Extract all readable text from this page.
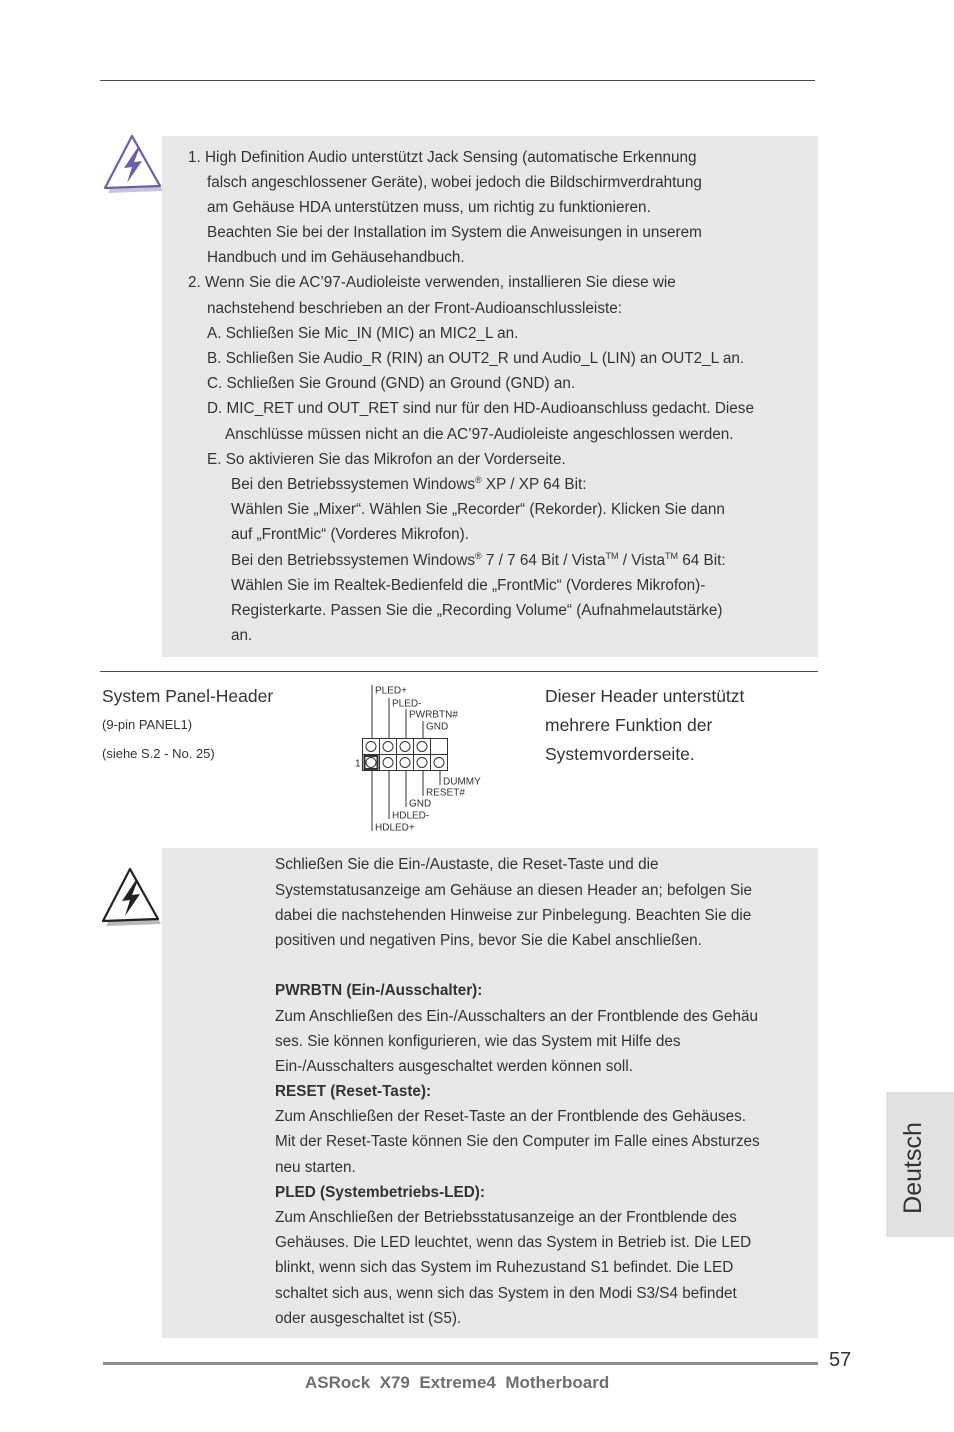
1. High Definition Audio unterstützt Jack Sensing (automatische Erkennung
falsch angeschlossener Geräte), wobei jedoch die Bildschirmverdrahtung
am Gehäuse HDA unterstützen muss, um richtig zu funktionieren.
Beachten Sie bei der Installation im System die Anweisungen in unserem
Handbuch und im Gehäusehandbuch.
2. Wenn Sie die AC’97-Audioleiste verwenden, installieren Sie diese wie
nachstehend beschrieben an der Front-Audioanschlussleiste:
A. Schließen Sie Mic_IN (MIC) an MIC2_L an.
B. Schließen Sie Audio_R (RIN) an OUT2_R und Audio_L (LIN) an OUT2_L an.
C. Schließen Sie Ground (GND) an Ground (GND) an.
D. MIC_RET und OUT_RET sind nur für den HD-Audioanschluss gedacht. Diese
Anschlüsse müssen nicht an die AC’97-Audioleiste angeschlossen werden.
E. So aktivieren Sie das Mikrofon an der Vorderseite.
Bei den Betriebssystemen Windows® XP / XP 64 Bit:
Wählen Sie „Mixer“. Wählen Sie „Recorder“ (Rekorder). Klicken Sie dann
auf „FrontMic“ (Vorderes Mikrofon).
Bei den Betriebssystemen Windows® 7 / 7 64 Bit / Vista™ / Vista™ 64 Bit:
Wählen Sie im Realtek-Bedienfeld die „FrontMic“ (Vorderes Mikrofon)-
Registerkarte. Passen Sie die „Recording Volume“ (Aufnahmelautstärke)
an.
System Panel-Header
(9-pin PANEL1)
(siehe S.2 - No. 25)
PLED+
PLED-
PWRBTN#
GND
1
DUMMY
RESET#
GND
HDLED-
HDLED+
Dieser Header unterstützt
mehrere Funktion der
Systemvorderseite.
Schließen Sie die Ein-/Austaste, die Reset-Taste und die
Systemstatusanzeige am Gehäuse an diesen Header an; befolgen Sie
dabei die nachstehenden Hinweise zur Pinbelegung. Beachten Sie die
positiven und negativen Pins, bevor Sie die Kabel anschließen.
PWRBTN (Ein-/Ausschalter):
Zum Anschließen des Ein-/Ausschalters an der Frontblende des Gehäu
ses. Sie können konfigurieren, wie das System mit Hilfe des
Ein-/Ausschalters ausgeschaltet werden können soll.
RESET (Reset-Taste):
Zum Anschließen der Reset-Taste an der Frontblende des Gehäuses.
Mit der Reset-Taste können Sie den Computer im Falle eines Absturzes
neu starten.
PLED (Systembetriebs-LED):
Zum Anschließen der Betriebsstatusanzeige an der Frontblende des
Gehäuses. Die LED leuchtet, wenn das System in Betrieb ist. Die LED
blinkt, wenn sich das System im Ruhezustand S1 befindet. Die LED
schaltet sich aus, wenn sich das System in den Modi S3/S4 befindet
oder ausgeschaltet ist (S5).
Deutsch
57
ASRock  X79  Extreme4  Motherboard
